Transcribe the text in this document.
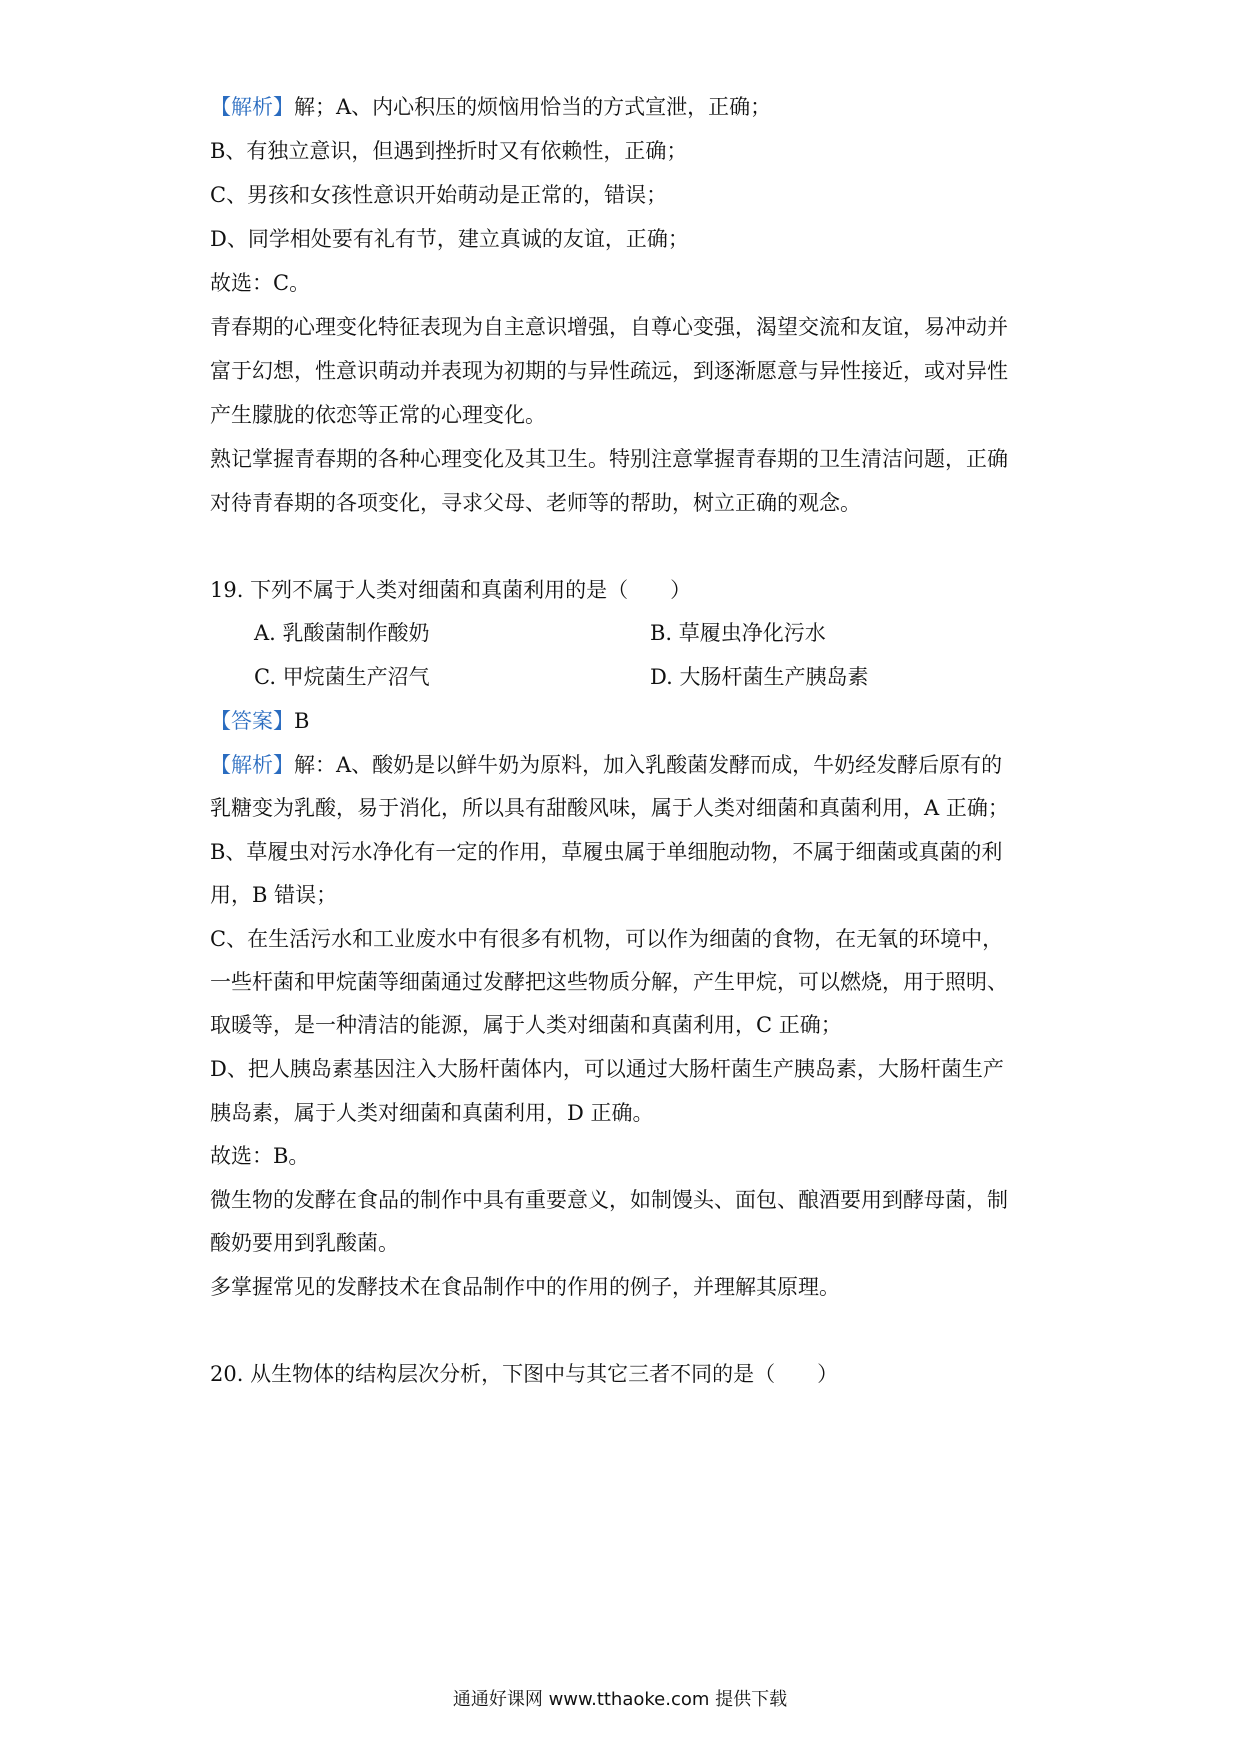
【解析】解；A、内心积压的烦恼用恰当的方式宣泄，正确；
B、有独立意识，但遇到挫折时又有依赖性，正确；
C、男孩和女孩性意识开始萌动是正常的，错误；
D、同学相处要有礼有节，建立真诚的友谊，正确；
故选：C。
青春期的心理变化特征表现为自主意识增强，自尊心变强，渴望交流和友谊，易冲动并
富于幻想，性意识萌动并表现为初期的与异性疏远，到逐渐愿意与异性接近，或对异性
产生朦胧的依恋等正常的心理变化。
熟记掌握青春期的各种心理变化及其卫生。特别注意掌握青春期的卫生清洁问题，正确
对待青春期的各项变化，寻求父母、老师等的帮助，树立正确的观念。
19. 下列不属于人类对细菌和真菌利用的是（　　）
A. 乳酸菌制作酸奶	B. 草履虫净化污水
C. 甲烷菌生产沼气	D. 大肠杆菌生产胰岛素
【答案】B
【解析】解：A、酸奶是以鲜牛奶为原料，加入乳酸菌发酵而成，牛奶经发酵后原有的
乳糖变为乳酸，易于消化，所以具有甜酸风味，属于人类对细菌和真菌利用，A 正确；
B、草履虫对污水净化有一定的作用，草履虫属于单细胞动物，不属于细菌或真菌的利
用，B 错误；
C、在生活污水和工业废水中有很多有机物，可以作为细菌的食物，在无氧的环境中，
一些杆菌和甲烷菌等细菌通过发酵把这些物质分解，产生甲烷，可以燃烧，用于照明、
取暖等，是一种清洁的能源，属于人类对细菌和真菌利用，C 正确；
D、把人胰岛素基因注入大肠杆菌体内，可以通过大肠杆菌生产胰岛素，大肠杆菌生产
胰岛素，属于人类对细菌和真菌利用，D 正确。
故选：B。
微生物的发酵在食品的制作中具有重要意义，如制馒头、面包、酿酒要用到酵母菌，制
酸奶要用到乳酸菌。
多掌握常见的发酵技术在食品制作中的作用的例子，并理解其原理。
20. 从生物体的结构层次分析，下图中与其它三者不同的是（　　）
通通好课网 www.tthaoke.com 提供下载
